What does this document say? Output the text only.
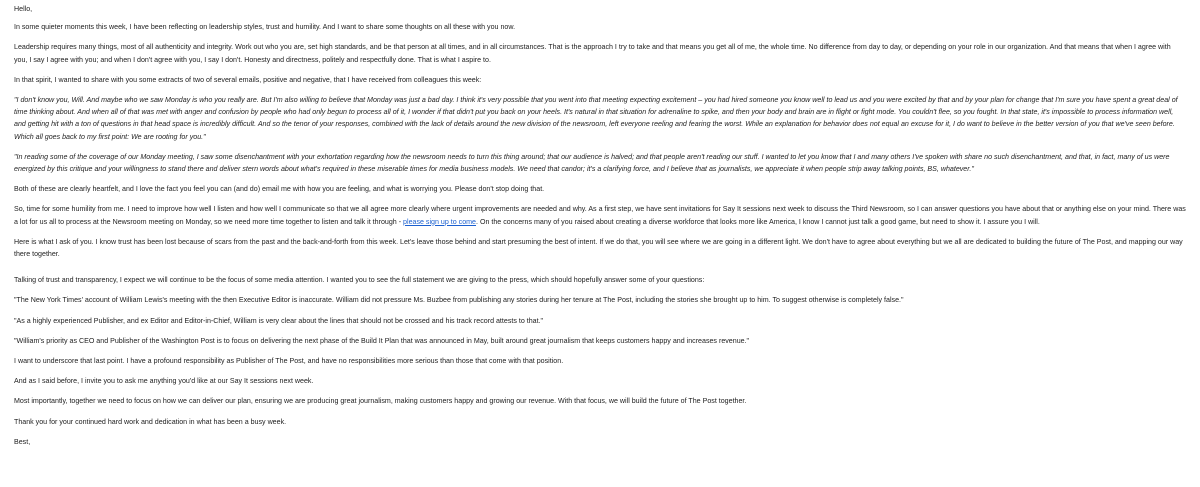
Hello,

In some quieter moments this week, I have been reflecting on leadership styles, trust and humility. And I want to share some thoughts on all these with you now.

Leadership requires many things, most of all authenticity and integrity. Work out who you are, set high standards, and be that person at all times, and in all circumstances. That is the approach I try to take and that means you get all of me, the whole time. No difference from day to day, or depending on your role in our organization. And that means that when I agree with you, I say I agree with you; and when I don't agree with you, I say I don't. Honesty and directness, politely and respectfully done. That is what I aspire to.

In that spirit, I wanted to share with you some extracts of two of several emails, positive and negative, that I have received from colleagues this week:

"I don't know you, Will. And maybe who we saw Monday is who you really are. But I'm also willing to believe that Monday was just a bad day. I think it's very possible that you went into that meeting expecting excitement – you had hired someone you know well to lead us and you were excited by that and by your plan for change that I'm sure you have spent a great deal of time thinking about. And when all of that was met with anger and confusion by people who had only begun to process all of it, I wonder if that didn't put you back on your heels. It's natural in that situation for adrenaline to spike, and then your body and brain are in flight or fight mode. You couldn't flee, so you fought. In that state, it's impossible to process information well, and getting hit with a ton of questions in that head space is incredibly difficult. And so the tenor of your responses, combined with the lack of details around the new division of the newsroom, left everyone reeling and fearing the worst. While an explanation for behavior does not equal an excuse for it, I do want to believe in the better version of you that we've seen before. Which all goes back to my first point: We are rooting for you."

"In reading some of the coverage of our Monday meeting, I saw some disenchantment with your exhortation regarding how the newsroom needs to turn this thing around; that our audience is halved; and that people aren't reading our stuff. I wanted to let you know that I and many others I've spoken with share no such disenchantment, and that, in fact, many of us were energized by this critique and your willingness to stand there and deliver stern words about what's required in these miserable times for media business models. We need that candor; it's a clarifying force, and I believe that as journalists, we appreciate it when people strip away talking points, BS, whatever."

Both of these are clearly heartfelt, and I love the fact you feel you can (and do) email me with how you are feeling, and what is worrying you. Please don't stop doing that.

So, time for some humility from me. I need to improve how well I listen and how well I communicate so that we all agree more clearly where urgent improvements are needed and why. As a first step, we have sent invitations for Say It sessions next week to discuss the Third Newsroom, so I can answer questions you have about that or anything else on your mind. There was a lot for us all to process at the Newsroom meeting on Monday, so we need more time together to listen and talk it through - please sign up to come. On the concerns many of you raised about creating a diverse workforce that looks more like America, I know I cannot just talk a good game, but need to show it. I assure you I will.

Here is what I ask of you. I know trust has been lost because of scars from the past and the back-and-forth from this week. Let's leave those behind and start presuming the best of intent. If we do that, you will see where we are going in a different light. We don't have to agree about everything but we all are dedicated to building the future of The Post, and mapping our way there together.

Talking of trust and transparency, I expect we will continue to be the focus of some media attention. I wanted you to see the full statement we are giving to the press, which should hopefully answer some of your questions:

"The New York Times' account of William Lewis's meeting with the then Executive Editor is inaccurate. William did not pressure Ms. Buzbee from publishing any stories during her tenure at The Post, including the stories she brought up to him. To suggest otherwise is completely false."

"As a highly experienced Publisher, and ex Editor and Editor-in-Chief, William is very clear about the lines that should not be crossed and his track record attests to that."

"William's priority as CEO and Publisher of the Washington Post is to focus on delivering the next phase of the Build It Plan that was announced in May, built around great journalism that keeps customers happy and increases revenue."

I want to underscore that last point. I have a profound responsibility as Publisher of The Post, and have no responsibilities more serious than those that come with that position.

And as I said before, I invite you to ask me anything you'd like at our Say It sessions next week.

Most importantly, together we need to focus on how we can deliver our plan, ensuring we are producing great journalism, making customers happy and growing our revenue. With that focus, we will build the future of The Post together.

Thank you for your continued hard work and dedication in what has been a busy week.

Best,
